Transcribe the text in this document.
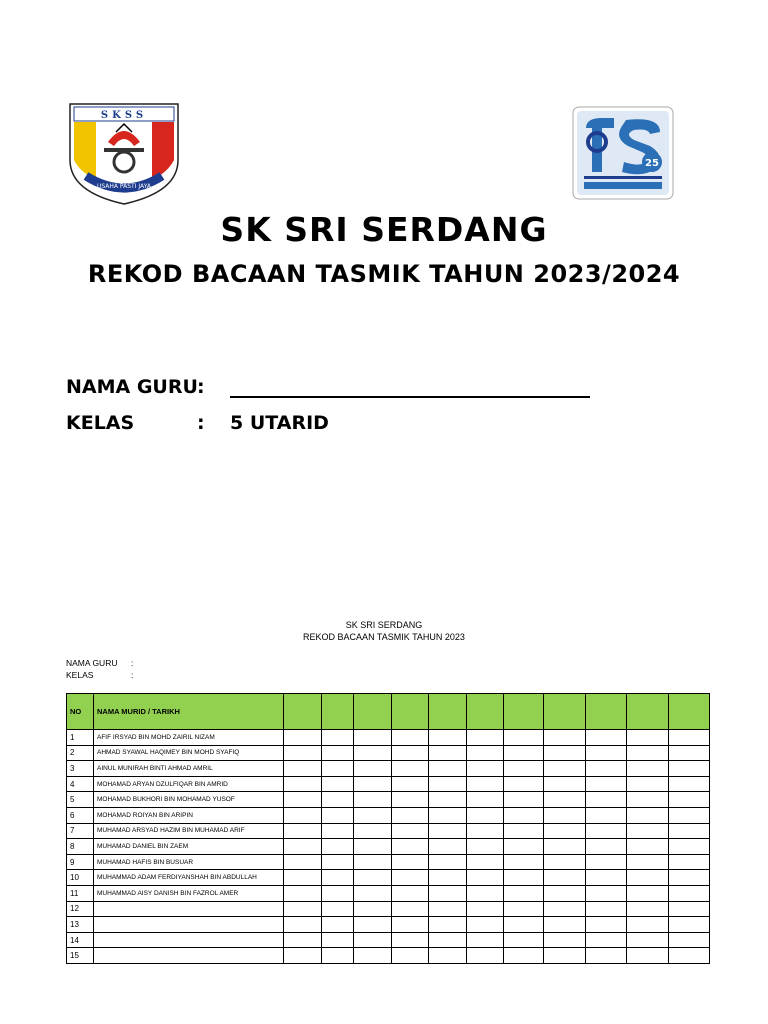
SKSS
USAHA PASTI JAYA
25
SK SRI SERDANG
REKOD BACAAN TASMIK TAHUN 2023/2024
NAMA GURU :
KELAS	: 5 UTARID
SK SRI SERDANG
REKOD BACAAN TASMIK TAHUN 2023
NAMA GURU :
KELAS	:
NO	NAMA MURID / TARIKH											
1	AFIF IRSYAD BIN MOHD ZAIRIL NIZAM											
2	AHMAD SYAWAL HAQIMEY BIN MOHD SYAFIQ											
3	AINUL MUNIRAH BINTI AHMAD AMRIL											
4	MOHAMAD ARYAN DZULFIQAR BIN AMRID											
5	MOHAMAD BUKHORI BIN MOHAMAD YUSOF											
6	MOHAMAD ROIYAN BIN ARIPIN											
7	MUHAMAD ARSYAD HAZIM BIN MUHAMAD ARIF											
8	MUHAMAD DANIEL BIN ZAEM											
9	MUHAMAD HAFIS BIN BUSUAR											
10	MUHAMMAD ADAM FERDIYANSHAH BIN ABDULLAH											
11	MUHAMMAD AISY DANISH BIN FAZROL AMER											
12												
13												
14												
15												
